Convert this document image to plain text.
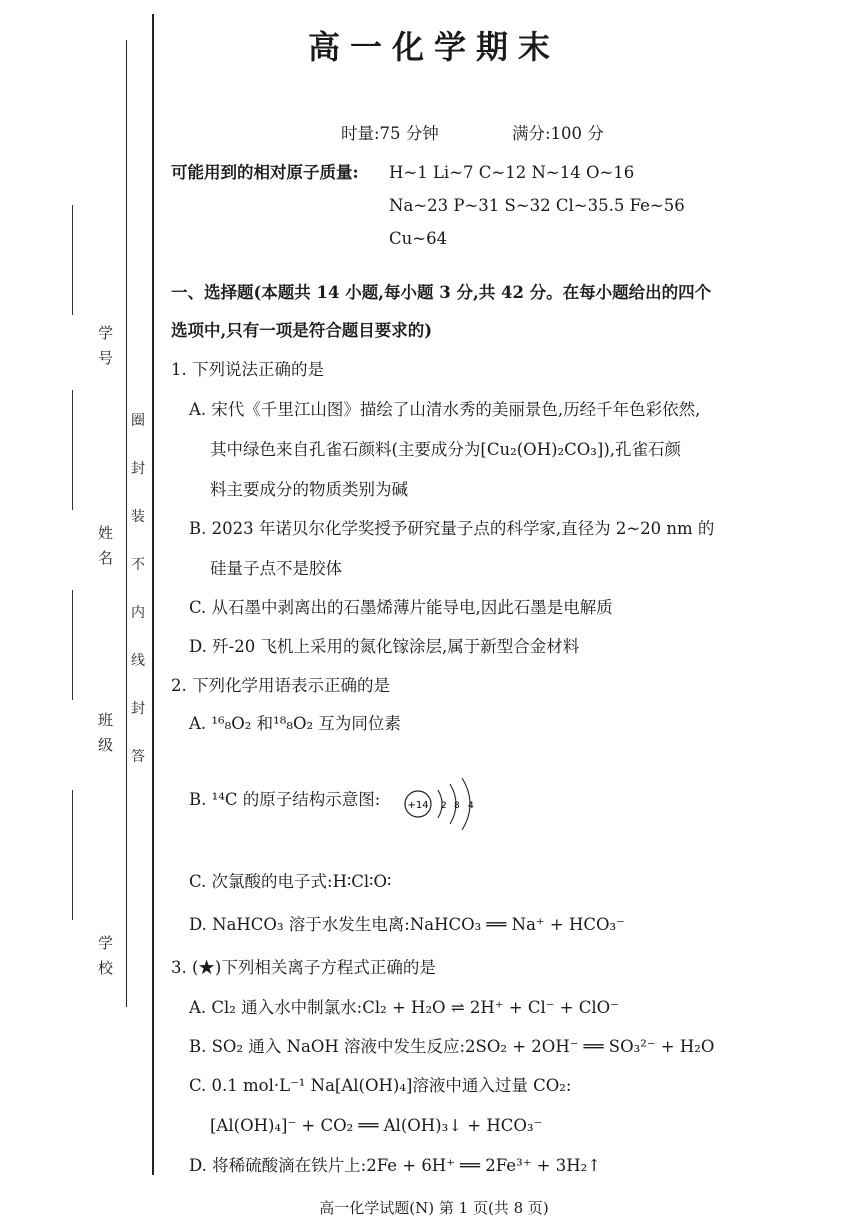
学号
姓名
班级
学校
圈
封
装
不
内
线
封
答
高一化学期末
时量:75 分钟	满分:100 分
可能用到的相对原子质量: H~1 Li~7 C~12 N~14 O~16
Na~23 P~31 S~32 Cl~35.5 Fe~56
Cu~64
一、选择题(本题共 14 小题,每小题 3 分,共 42 分。在每小题给出的四个
选项中,只有一项是符合题目要求的)
1. 下列说法正确的是
A. 宋代《千里江山图》描绘了山清水秀的美丽景色,历经千年色彩依然,
其中绿色来自孔雀石颜料(主要成分为[Cu₂(OH)₂CO₃]),孔雀石颜
料主要成分的物质类别为碱
B. 2023 年诺贝尔化学奖授予研究量子点的科学家,直径为 2~20 nm 的
硅量子点不是胶体
C. 从石墨中剥离出的石墨烯薄片能导电,因此石墨是电解质
D. 歼-20 飞机上采用的氮化镓涂层,属于新型合金材料
2. 下列化学用语表示正确的是
A. ¹⁶₈O₂ 和¹⁸₈O₂ 互为同位素
B. ¹⁴C 的原子结构示意图:	+14 2 8 4
C. 次氯酸的电子式:H∶Cl∶O∶
D. NaHCO₃ 溶于水发生电离:NaHCO₃ ══ Na⁺ + HCO₃⁻
3. (★)下列相关离子方程式正确的是
A. Cl₂ 通入水中制氯水:Cl₂ + H₂O ⇌ 2H⁺ + Cl⁻ + ClO⁻
B. SO₂ 通入 NaOH 溶液中发生反应:2SO₂ + 2OH⁻ ══ SO₃²⁻ + H₂O
C. 0.1 mol·L⁻¹ Na[Al(OH)₄]溶液中通入过量 CO₂:
[Al(OH)₄]⁻ + CO₂ ══ Al(OH)₃↓ + HCO₃⁻
D. 将稀硫酸滴在铁片上:2Fe + 6H⁺ ══ 2Fe³⁺ + 3H₂↑
高一化学试题(N) 第 1 页(共 8 页)
